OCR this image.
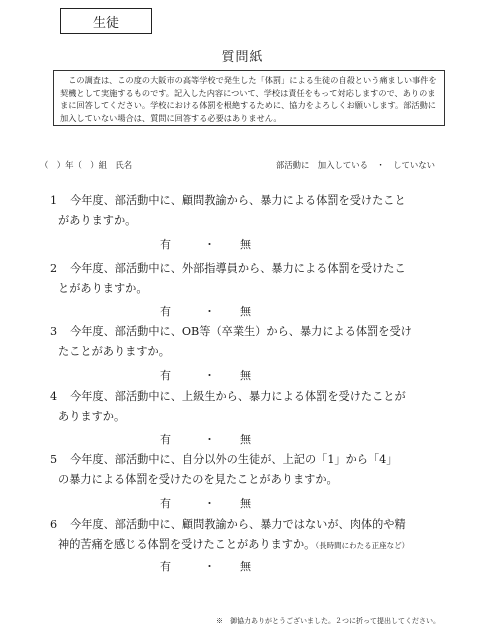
生徒
質問紙
　この調査は、この度の大阪市の高等学校で発生した「体罰」による生徒の自殺という痛ましい事件を契機として実施するものです。記入した内容について、学校は責任をもって対応しますので、ありのままに回答してください。学校における体罰を根絶するために、協力をよろしくお願いします。部活動に加入していない場合は、質問に回答する必要はありません。
（　）年（　）組　氏名	部活動に　加入している　・　していない
1 今年度、部活動中に、顧問教諭から、暴力による体罰を受けたこと
がありますか。
有	・ 無
2 今年度、部活動中に、外部指導員から、暴力による体罰を受けたこ
とがありますか。
有	・ 無
3 今年度、部活動中に、OB等（卒業生）から、暴力による体罰を受け
たことがありますか。
有	・ 無
4 今年度、部活動中に、上級生から、暴力による体罰を受けたことが
ありますか。
有	・ 無
5 今年度、部活動中に、自分以外の生徒が、上記の「1」から「4」
の暴力による体罰を受けたのを見たことがありますか。
有	・ 無
6 今年度、部活動中に、顧問教諭から、暴力ではないが、肉体的や精
神的苦痛を感じる体罰を受けたことがありますか。（長時間にわたる正座など）
有	・ 無
※　御協力ありがとうございました。２つに折って提出してください。
